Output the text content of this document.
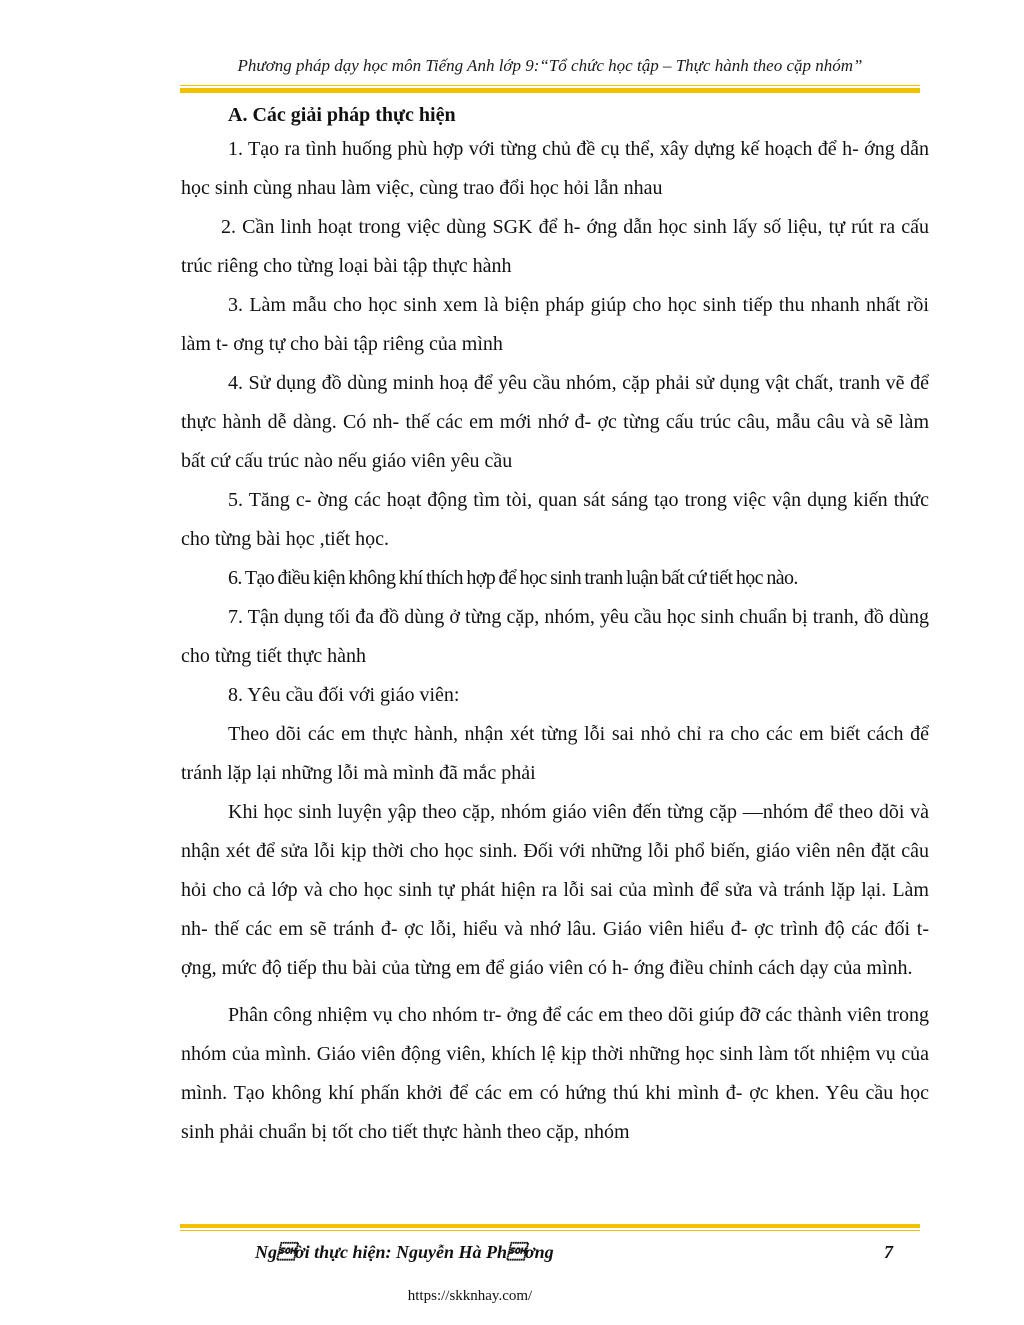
Phương pháp dạy học môn Tiếng Anh lớp 9:“Tổ chức học tập – Thực hành theo cặp nhóm”

A. Các giải pháp thực hiện

1. Tạo ra tình huống phù hợp với từng chủ đề cụ thể, xây dựng kế hoạch để h- ớng dẫn học sinh cùng nhau làm việc, cùng trao đổi học hỏi lẫn nhau

2. Cần linh hoạt trong việc dùng SGK để h- ớng dẫn học sinh lấy số liệu, tự rút ra cấu trúc riêng cho từng loại bài tập thực hành

3. Làm mẫu cho học sinh xem là biện pháp giúp cho học sinh tiếp thu nhanh nhất rồi làm t- ơng tự cho bài tập riêng của mình

4. Sử dụng đồ dùng minh hoạ để yêu cầu nhóm, cặp phải sử dụng vật chất, tranh vẽ để thực hành dễ dàng. Có nh- thế các em mới nhớ đ- ợc từng cấu trúc câu, mẫu câu và sẽ làm bất cứ cấu trúc nào nếu giáo viên yêu cầu

5. Tăng c- ờng các hoạt động tìm tòi, quan sát sáng tạo trong việc vận dụng kiến thức cho từng bài học ,tiết học.

6. Tạo điều kiện không khí thích hợp để học sinh tranh luận bất cứ tiết học nào.

7. Tận dụng tối đa đồ dùng ở từng cặp, nhóm, yêu cầu học sinh chuẩn bị tranh, đồ dùng cho từng tiết thực hành

8. Yêu cầu đối với giáo viên:

Theo dõi các em thực hành, nhận xét từng lỗi sai nhỏ chỉ ra cho các em biết cách để tránh lặp lại những lỗi mà mình đã mắc phải

Khi học sinh luyện yập theo cặp, nhóm giáo viên đến từng cặp —nhóm để theo dõi và nhận xét để sửa lỗi kịp thời cho học sinh. Đối với những lỗi phổ biến, giáo viên nên đặt câu hỏi cho cả lớp và cho học sinh tự phát hiện ra lỗi sai của mình để sửa và tránh lặp lại. Làm nh- thế các em sẽ tránh đ- ợc lỗi, hiểu và nhớ lâu. Giáo viên hiểu đ- ợc trình độ các đối t- ợng, mức độ tiếp thu bài của từng em để giáo viên có h- ớng điều chỉnh cách dạy của mình.

Phân công nhiệm vụ cho nhóm tr- ởng để các em theo dõi giúp đỡ các thành viên trong nhóm của mình. Giáo viên động viên, khích lệ kịp thời những học sinh làm tốt nhiệm vụ của mình. Tạo không khí phấn khởi để các em có hứng thú khi mình đ- ợc khen. Yêu cầu học sinh phải chuẩn bị tốt cho tiết thực hành theo cặp, nhóm

Ngời thực hiện: Nguyễn Hà Phơng	7
https://skknhay.com/
